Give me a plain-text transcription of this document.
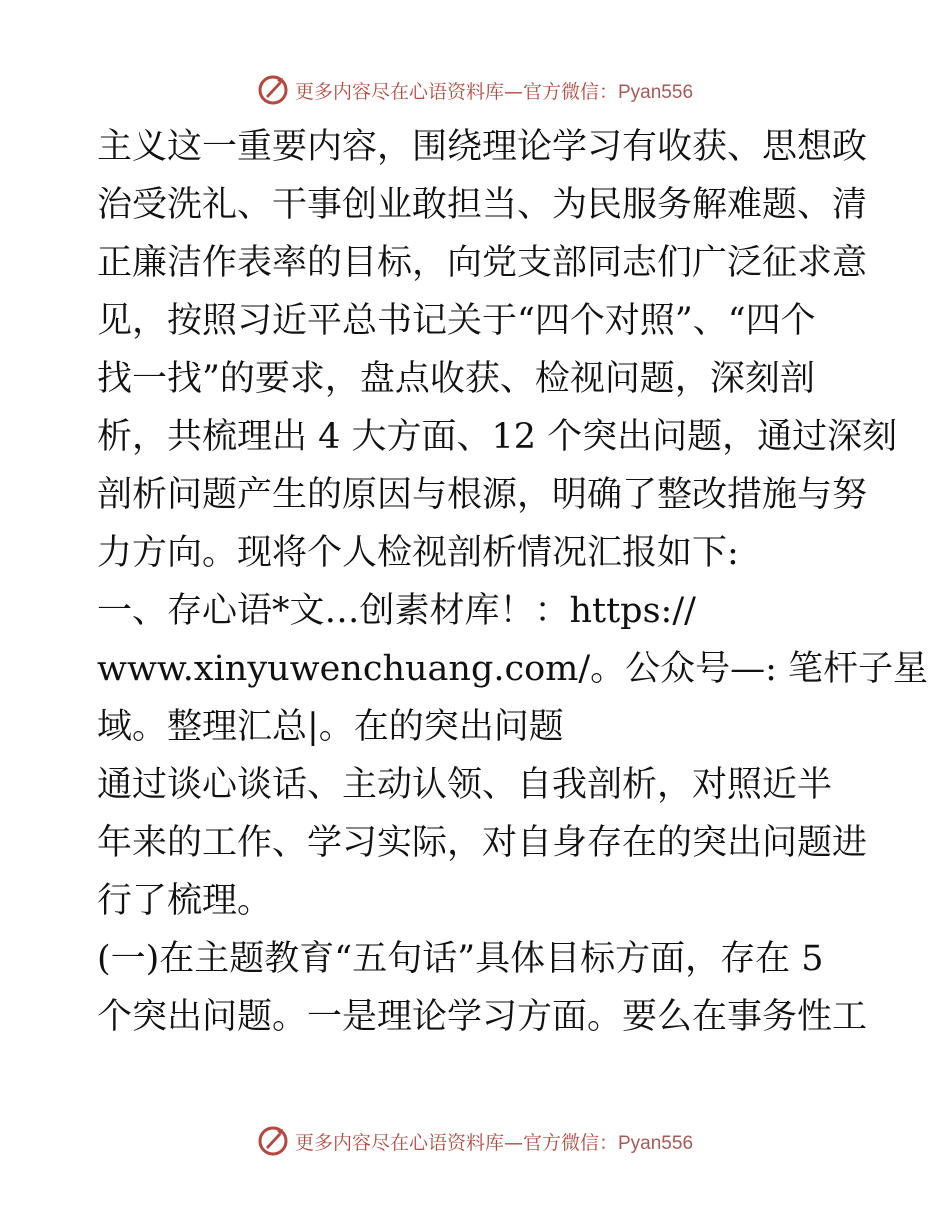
更多内容尽在心语资料库—官方微信：Pyan556
主义这一重要内容，围绕理论学习有收获、思想政
治受洗礼、干事创业敢担当、为民服务解难题、清
正廉洁作表率的目标，向党支部同志们广泛征求意
见，按照习近平总书记关于“四个对照”、“四个
找一找”的要求，盘点收获、检视问题，深刻剖
析，共梳理出 4 大方面、12 个突出问题，通过深刻
剖析问题产生的原因与根源，明确了整改措施与努
力方向。现将个人检视剖析情况汇报如下:
一、存心语*文…创素材库！：https://
www.xinyuwenchuang.com/。公众号—: 笔杆子星
域。整理汇总|。在的突出问题
通过谈心谈话、主动认领、自我剖析，对照近半
年来的工作、学习实际，对自身存在的突出问题进
行了梳理。
(一)在主题教育“五句话”具体目标方面，存在 5
个突出问题。一是理论学习方面。要么在事务性工
更多内容尽在心语资料库—官方微信：Pyan556
